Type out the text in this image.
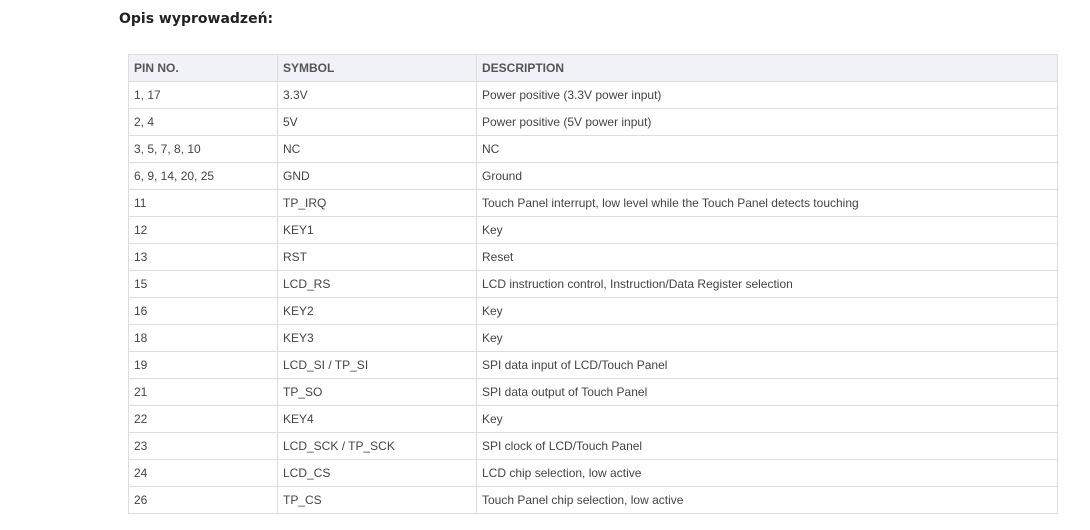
Opis wyprowadzeń:
PIN NO.	SYMBOL	DESCRIPTION
1, 17	3.3V	Power positive (3.3V power input)
2, 4	5V	Power positive (5V power input)
3, 5, 7, 8, 10	NC	NC
6, 9, 14, 20, 25	GND	Ground
11	TP_IRQ	Touch Panel interrupt, low level while the Touch Panel detects touching
12	KEY1	Key
13	RST	Reset
15	LCD_RS	LCD instruction control, Instruction/Data Register selection
16	KEY2	Key
18	KEY3	Key
19	LCD_SI / TP_SI	SPI data input of LCD/Touch Panel
21	TP_SO	SPI data output of Touch Panel
22	KEY4	Key
23	LCD_SCK / TP_SCK	SPI clock of LCD/Touch Panel
24	LCD_CS	LCD chip selection, low active
26	TP_CS	Touch Panel chip selection, low active
